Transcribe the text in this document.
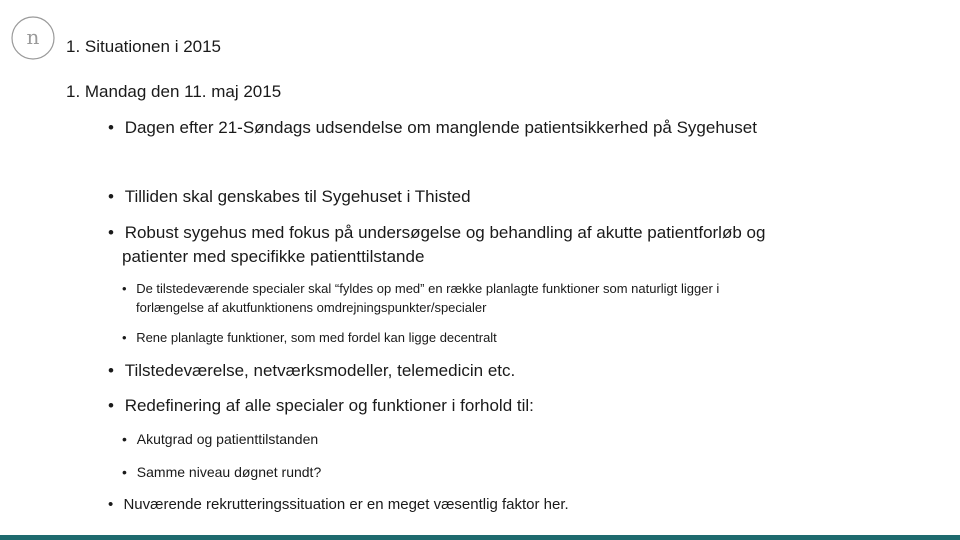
n 1. Situationen i 2015
1. Mandag den 11. maj 2015
• Dagen efter 21-Søndags udsendelse om manglende patientsikkerhed på Sygehuset
• Tilliden skal genskabes til Sygehuset i Thisted
• Robust sygehus med fokus på undersøgelse og behandling af akutte patientforløb og
patienter med specifikke patienttilstande
• De tilstedeværende specialer skal “fyldes op med” en række planlagte funktioner som naturligt ligger i
forlængelse af akutfunktionens omdrejningspunkter/specialer
• Rene planlagte funktioner, som med fordel kan ligge decentralt
• Tilstedeværelse, netværksmodeller, telemedicin etc.
• Redefinering af alle specialer og funktioner i forhold til:
• Akutgrad og patienttilstanden
• Samme niveau døgnet rundt?
• Nuværende rekrutteringssituation er en meget væsentlig faktor her.
